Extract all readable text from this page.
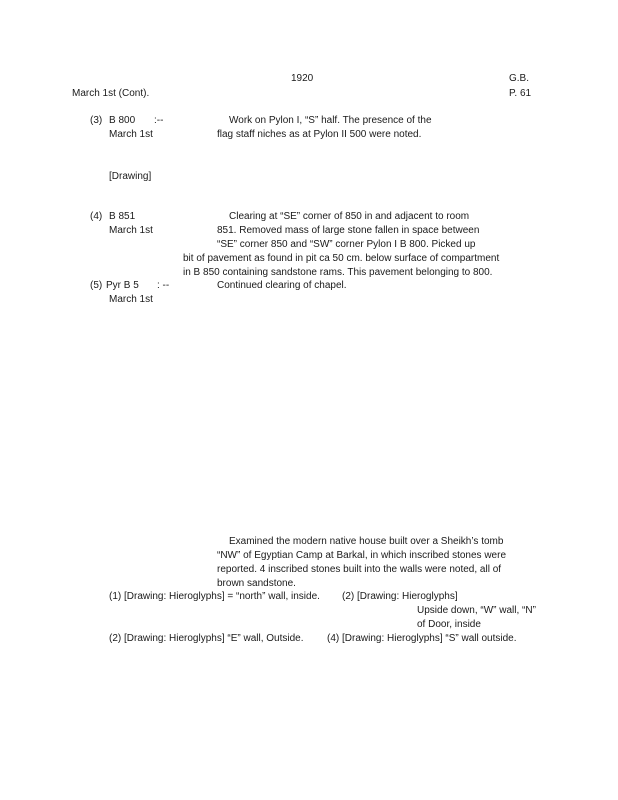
1920	G.B.
March 1st (Cont).	P. 61
(3) B 800 :--
March 1st
Work on Pylon I, “S” half. The presence of the
flag staff niches as at Pylon II 500 were noted.
[Drawing]
(4) B 851
March 1st
Clearing at “SE” corner of 850 in and adjacent to room
851. Removed mass of large stone fallen in space between
“SE” corner 850 and “SW” corner Pylon I B 800. Picked up
bit of pavement as found in pit ca 50 cm. below surface of compartment
in B 850 containing sandstone rams. This pavement belonging to 800.
(5) Pyr B 5 : --
March 1st
Continued clearing of chapel.
Examined the modern native house built over a Sheikh’s tomb
“NW” of Egyptian Camp at Barkal, in which inscribed stones were
reported. 4 inscribed stones built into the walls were noted, all of
brown sandstone.
(1) [Drawing: Hieroglyphs] = “north” wall, inside. (2) [Drawing: Hieroglyphs]
Upside down, “W” wall, “N”
of Door, inside
(2) [Drawing: Hieroglyphs] “E” wall, Outside. (4) [Drawing: Hieroglyphs] “S” wall outside.
